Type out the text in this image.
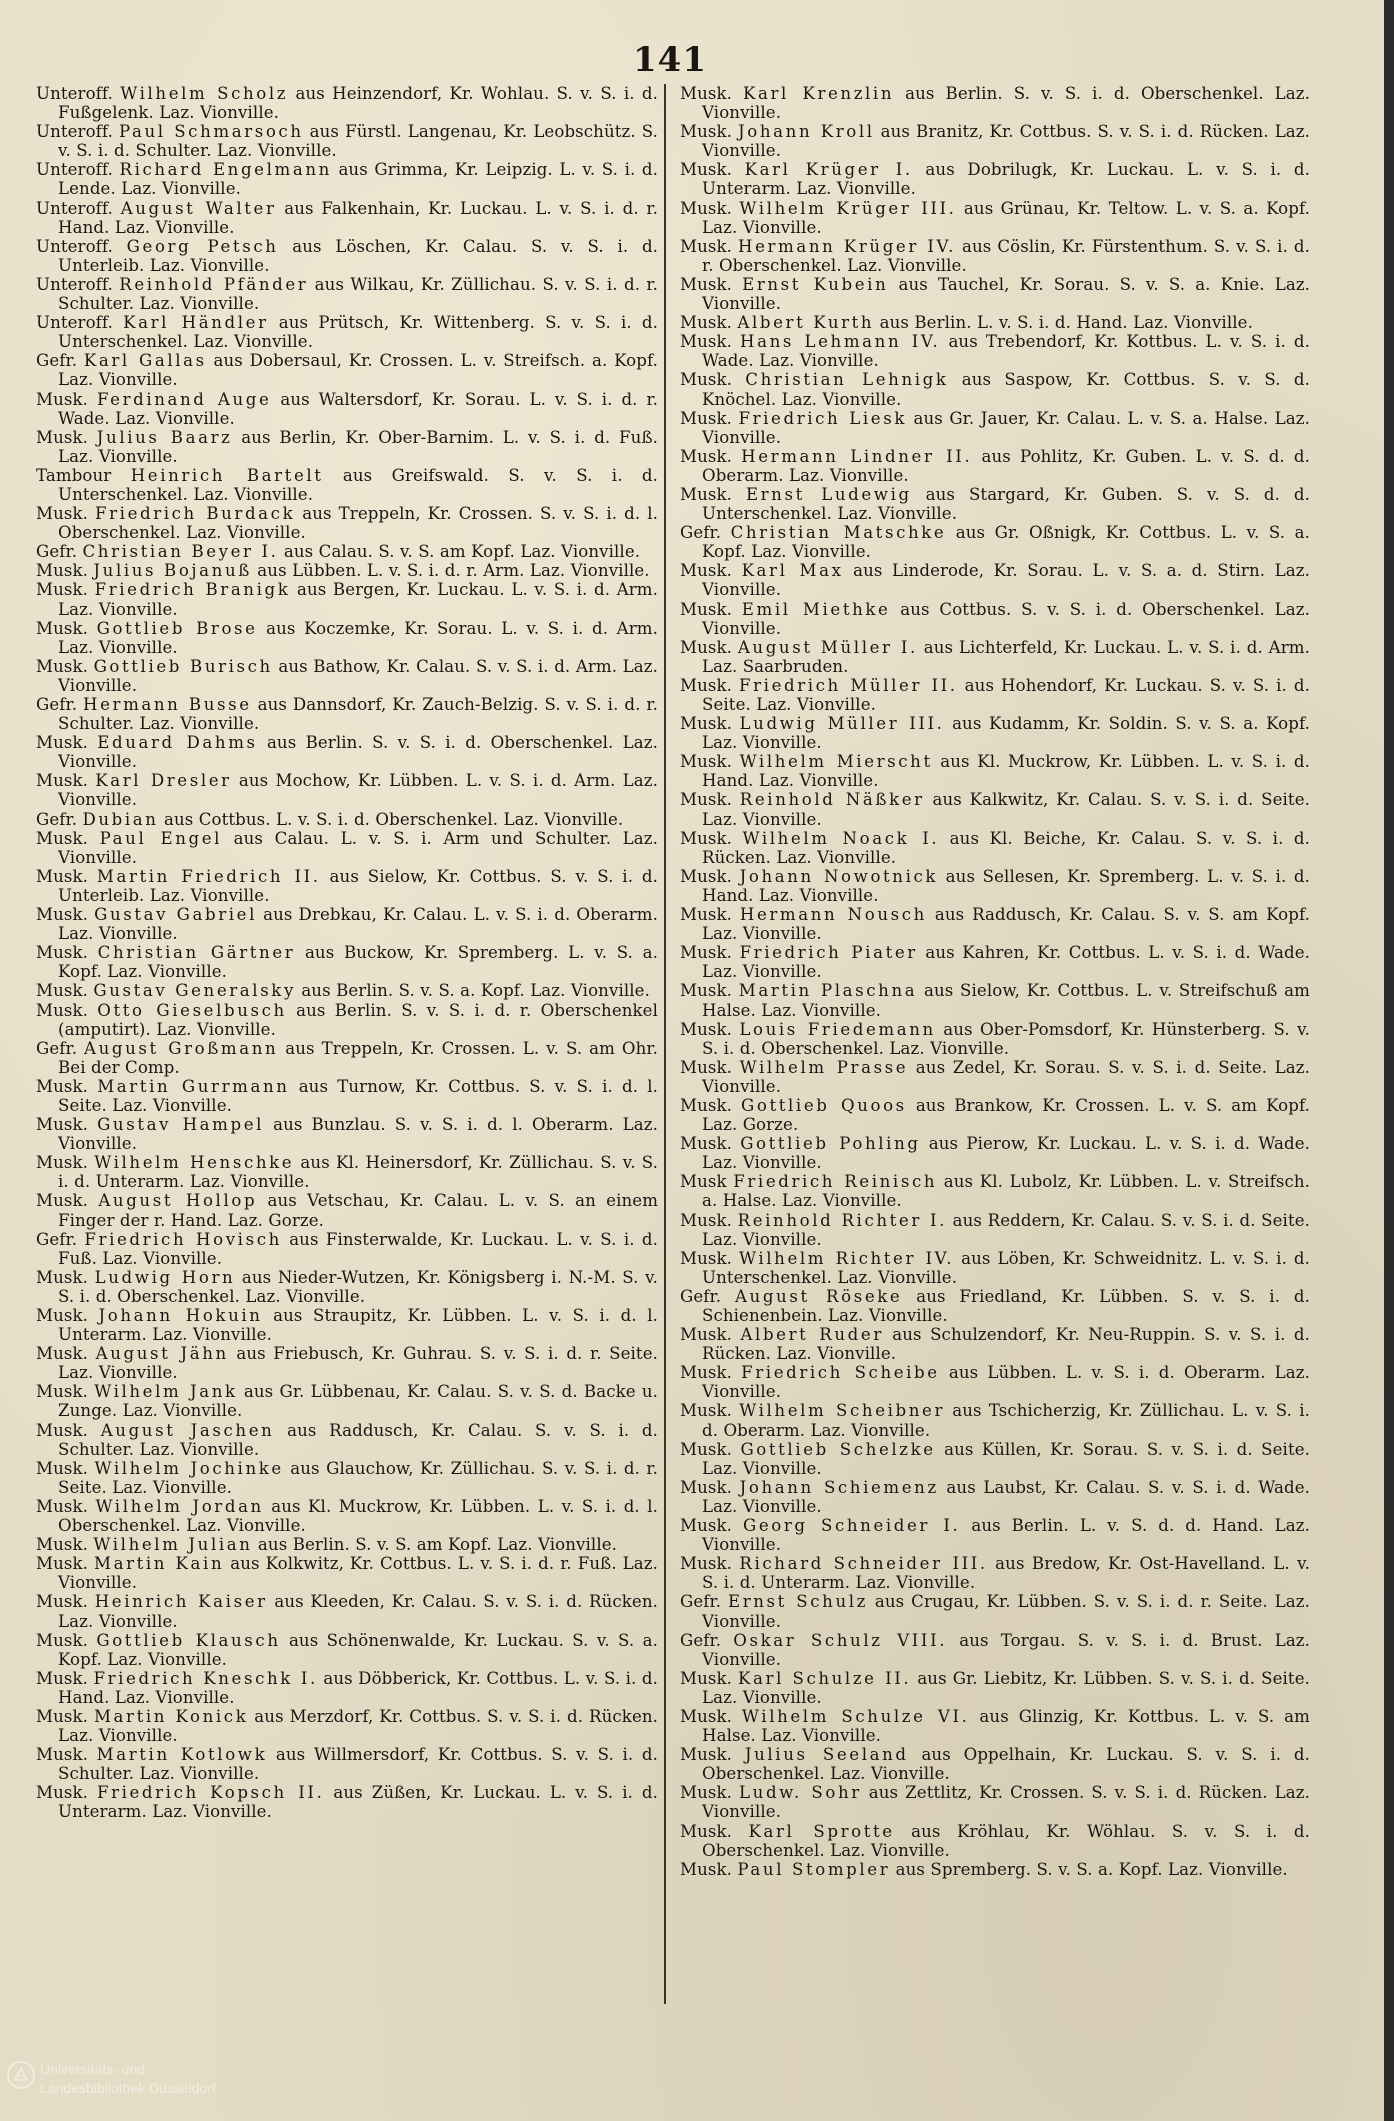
141

Unteroff. Wilhelm Scholz aus Heinzendorf, Kr. Wohlau. S. v. S. i. d. Fußgelenk. Laz. Vionville.

Unteroff. Paul Schmarsoch aus Fürstl. Langenau, Kr. Leobschütz. S. v. S. i. d. Schulter. Laz. Vionville.

Unteroff. Richard Engelmann aus Grimma, Kr. Leipzig. L. v. S. i. d. Lende. Laz. Vionville.

Unteroff. August Walter aus Falkenhain, Kr. Luckau. L. v. S. i. d. r. Hand. Laz. Vionville.

Unteroff. Georg Petsch aus Löschen, Kr. Calau. S. v. S. i. d. Unterleib. Laz. Vionville.

Unteroff. Reinhold Pfänder aus Wilkau, Kr. Züllichau. S. v. S. i. d. r. Schulter. Laz. Vionville.

Unteroff. Karl Händler aus Prütsch, Kr. Wittenberg. S. v. S. i. d. Unterschenkel. Laz. Vionville.

Gefr. Karl Gallas aus Dobersaul, Kr. Crossen. L. v. Streifsch. a. Kopf. Laz. Vionville.

Musk. Ferdinand Auge aus Waltersdorf, Kr. Sorau. L. v. S. i. d. r. Wade. Laz. Vionville.

Musk. Julius Baarz aus Berlin, Kr. Ober-Barnim. L. v. S. i. d. Fuß. Laz. Vionville.

Tambour Heinrich Bartelt aus Greifswald. S. v. S. i. d. Unterschenkel. Laz. Vionville.

Musk. Friedrich Burdack aus Treppeln, Kr. Crossen. S. v. S. i. d. l. Oberschenkel. Laz. Vionville.

Gefr. Christian Beyer I. aus Calau. S. v. S. am Kopf. Laz. Vionville.

Musk. Julius Bojanuß aus Lübben. L. v. S. i. d. r. Arm. Laz. Vionville.

Musk. Friedrich Branigk aus Bergen, Kr. Luckau. L. v. S. i. d. Arm. Laz. Vionville.

Musk. Gottlieb Brose aus Koczemke, Kr. Sorau. L. v. S. i. d. Arm. Laz. Vionville.

Musk. Gottlieb Burisch aus Bathow, Kr. Calau. S. v. S. i. d. Arm. Laz. Vionville.

Gefr. Hermann Busse aus Dannsdorf, Kr. Zauch-Belzig. S. v. S. i. d. r. Schulter. Laz. Vionville.

Musk. Eduard Dahms aus Berlin. S. v. S. i. d. Oberschenkel. Laz. Vionville.

Musk. Karl Dresler aus Mochow, Kr. Lübben. L. v. S. i. d. Arm. Laz. Vionville.

Gefr. Dubian aus Cottbus. L. v. S. i. d. Oberschenkel. Laz. Vionville.

Musk. Paul Engel aus Calau. L. v. S. i. Arm und Schulter. Laz. Vionville.

Musk. Martin Friedrich II. aus Sielow, Kr. Cottbus. S. v. S. i. d. Unterleib. Laz. Vionville.

Musk. Gustav Gabriel aus Drebkau, Kr. Calau. L. v. S. i. d. Oberarm. Laz. Vionville.

Musk. Christian Gärtner aus Buckow, Kr. Spremberg. L. v. S. a. Kopf. Laz. Vionville.

Musk. Gustav Generalsky aus Berlin. S. v. S. a. Kopf. Laz. Vionville.

Musk. Otto Gieselbusch aus Berlin. S. v. S. i. d. r. Oberschenkel (amputirt). Laz. Vionville.

Gefr. August Großmann aus Treppeln, Kr. Crossen. L. v. S. am Ohr. Bei der Comp.

Musk. Martin Gurrmann aus Turnow, Kr. Cottbus. S. v. S. i. d. l. Seite. Laz. Vionville.

Musk. Gustav Hampel aus Bunzlau. S. v. S. i. d. l. Oberarm. Laz. Vionville.

Musk. Wilhelm Henschke aus Kl. Heinersdorf, Kr. Züllichau. S. v. S. i. d. Unterarm. Laz. Vionville.

Musk. August Hollop aus Vetschau, Kr. Calau. L. v. S. an einem Finger der r. Hand. Laz. Gorze.

Gefr. Friedrich Hovisch aus Finsterwalde, Kr. Luckau. L. v. S. i. d. Fuß. Laz. Vionville.

Musk. Ludwig Horn aus Nieder-Wutzen, Kr. Königsberg i. N.-M. S. v. S. i. d. Oberschenkel. Laz. Vionville.

Musk. Johann Hokuin aus Straupitz, Kr. Lübben. L. v. S. i. d. l. Unterarm. Laz. Vionville.

Musk. August Jähn aus Friebusch, Kr. Guhrau. S. v. S. i. d. r. Seite. Laz. Vionville.

Musk. Wilhelm Jank aus Gr. Lübbenau, Kr. Calau. S. v. S. d. Backe u. Zunge. Laz. Vionville.

Musk. August Jaschen aus Raddusch, Kr. Calau. S. v. S. i. d. Schulter. Laz. Vionville.

Musk. Wilhelm Jochinke aus Glauchow, Kr. Züllichau. S. v. S. i. d. r. Seite. Laz. Vionville.

Musk. Wilhelm Jordan aus Kl. Muckrow, Kr. Lübben. L. v. S. i. d. l. Oberschenkel. Laz. Vionville.

Musk. Wilhelm Julian aus Berlin. S. v. S. am Kopf. Laz. Vionville.

Musk. Martin Kain aus Kolkwitz, Kr. Cottbus. L. v. S. i. d. r. Fuß. Laz. Vionville.

Musk. Heinrich Kaiser aus Kleeden, Kr. Calau. S. v. S. i. d. Rücken. Laz. Vionville.

Musk. Gottlieb Klausch aus Schönenwalde, Kr. Luckau. S. v. S. a. Kopf. Laz. Vionville.

Musk. Friedrich Kneschk I. aus Döbberick, Kr. Cottbus. L. v. S. i. d. Hand. Laz. Vionville.

Musk. Martin Konick aus Merzdorf, Kr. Cottbus. S. v. S. i. d. Rücken. Laz. Vionville.

Musk. Martin Kotlowk aus Willmersdorf, Kr. Cottbus. S. v. S. i. d. Schulter. Laz. Vionville.

Musk. Friedrich Kopsch II. aus Züßen, Kr. Luckau. L. v. S. i. d. Unterarm. Laz. Vionville.

Musk. Karl Krenzlin aus Berlin. S. v. S. i. d. Oberschenkel. Laz. Vionville.

Musk. Johann Kroll aus Branitz, Kr. Cottbus. S. v. S. i. d. Rücken. Laz. Vionville.

Musk. Karl Krüger I. aus Dobrilugk, Kr. Luckau. L. v. S. i. d. Unterarm. Laz. Vionville.

Musk. Wilhelm Krüger III. aus Grünau, Kr. Teltow. L. v. S. a. Kopf. Laz. Vionville.

Musk. Hermann Krüger IV. aus Cöslin, Kr. Fürstenthum. S. v. S. i. d. r. Oberschenkel. Laz. Vionville.

Musk. Ernst Kubein aus Tauchel, Kr. Sorau. S. v. S. a. Knie. Laz. Vionville.

Musk. Albert Kurth aus Berlin. L. v. S. i. d. Hand. Laz. Vionville.

Musk. Hans Lehmann IV. aus Trebendorf, Kr. Kottbus. L. v. S. i. d. Wade. Laz. Vionville.

Musk. Christian Lehnigk aus Saspow, Kr. Cottbus. S. v. S. d. Knöchel. Laz. Vionville.

Musk. Friedrich Liesk aus Gr. Jauer, Kr. Calau. L. v. S. a. Halse. Laz. Vionville.

Musk. Hermann Lindner II. aus Pohlitz, Kr. Guben. L. v. S. d. d. Oberarm. Laz. Vionville.

Musk. Ernst Ludewig aus Stargard, Kr. Guben. S. v. S. d. d. Unterschenkel. Laz. Vionville.

Gefr. Christian Matschke aus Gr. Oßnigk, Kr. Cottbus. L. v. S. a. Kopf. Laz. Vionville.

Musk. Karl Max aus Linderode, Kr. Sorau. L. v. S. a. d. Stirn. Laz. Vionville.

Musk. Emil Miethke aus Cottbus. S. v. S. i. d. Oberschenkel. Laz. Vionville.

Musk. August Müller I. aus Lichterfeld, Kr. Luckau. L. v. S. i. d. Arm. Laz. Saarbruden.

Musk. Friedrich Müller II. aus Hohendorf, Kr. Luckau. S. v. S. i. d. Seite. Laz. Vionville.

Musk. Ludwig Müller III. aus Kudamm, Kr. Soldin. S. v. S. a. Kopf. Laz. Vionville.

Musk. Wilhelm Mierscht aus Kl. Muckrow, Kr. Lübben. L. v. S. i. d. Hand. Laz. Vionville.

Musk. Reinhold Näßker aus Kalkwitz, Kr. Calau. S. v. S. i. d. Seite. Laz. Vionville.

Musk. Wilhelm Noack I. aus Kl. Beiche, Kr. Calau. S. v. S. i. d. Rücken. Laz. Vionville.

Musk. Johann Nowotnick aus Sellesen, Kr. Spremberg. L. v. S. i. d. Hand. Laz. Vionville.

Musk. Hermann Nousch aus Raddusch, Kr. Calau. S. v. S. am Kopf. Laz. Vionville.

Musk. Friedrich Piater aus Kahren, Kr. Cottbus. L. v. S. i. d. Wade. Laz. Vionville.

Musk. Martin Plaschna aus Sielow, Kr. Cottbus. L. v. Streifschuß am Halse. Laz. Vionville.

Musk. Louis Friedemann aus Ober-Pomsdorf, Kr. Hünsterberg. S. v. S. i. d. Oberschenkel. Laz. Vionville.

Musk. Wilhelm Prasse aus Zedel, Kr. Sorau. S. v. S. i. d. Seite. Laz. Vionville.

Musk. Gottlieb Quoos aus Brankow, Kr. Crossen. L. v. S. am Kopf. Laz. Gorze.

Musk. Gottlieb Pohling aus Pierow, Kr. Luckau. L. v. S. i. d. Wade. Laz. Vionville.

Musk Friedrich Reinisch aus Kl. Lubolz, Kr. Lübben. L. v. Streifsch. a. Halse. Laz. Vionville.

Musk. Reinhold Richter I. aus Reddern, Kr. Calau. S. v. S. i. d. Seite. Laz. Vionville.

Musk. Wilhelm Richter IV. aus Löben, Kr. Schweidnitz. L. v. S. i. d. Unterschenkel. Laz. Vionville.

Gefr. August Röseke aus Friedland, Kr. Lübben. S. v. S. i. d. Schienenbein. Laz. Vionville.

Musk. Albert Ruder aus Schulzendorf, Kr. Neu-Ruppin. S. v. S. i. d. Rücken. Laz. Vionville.

Musk. Friedrich Scheibe aus Lübben. L. v. S. i. d. Oberarm. Laz. Vionville.

Musk. Wilhelm Scheibner aus Tschicherzig, Kr. Züllichau. L. v. S. i. d. Oberarm. Laz. Vionville.

Musk. Gottlieb Schelzke aus Küllen, Kr. Sorau. S. v. S. i. d. Seite. Laz. Vionville.

Musk. Johann Schiemenz aus Laubst, Kr. Calau. S. v. S. i. d. Wade. Laz. Vionville.

Musk. Georg Schneider I. aus Berlin. L. v. S. d. d. Hand. Laz. Vionville.

Musk. Richard Schneider III. aus Bredow, Kr. Ost-Havelland. L. v. S. i. d. Unterarm. Laz. Vionville.

Gefr. Ernst Schulz aus Crugau, Kr. Lübben. S. v. S. i. d. r. Seite. Laz. Vionville.

Gefr. Oskar Schulz VIII. aus Torgau. S. v. S. i. d. Brust. Laz. Vionville.

Musk. Karl Schulze II. aus Gr. Liebitz, Kr. Lübben. S. v. S. i. d. Seite. Laz. Vionville.

Musk. Wilhelm Schulze VI. aus Glinzig, Kr. Kottbus. L. v. S. am Halse. Laz. Vionville.

Musk. Julius Seeland aus Oppelhain, Kr. Luckau. S. v. S. i. d. Oberschenkel. Laz. Vionville.

Musk. Ludw. Sohr aus Zettlitz, Kr. Crossen. S. v. S. i. d. Rücken. Laz. Vionville.

Musk. Karl Sprotte aus Kröhlau, Kr. Wöhlau. S. v. S. i. d. Oberschenkel. Laz. Vionville.

Musk. Paul Stompler aus Spremberg. S. v. S. a. Kopf. Laz. Vionville.

Universitäts- und
Landesbibliothek Düsseldorf
